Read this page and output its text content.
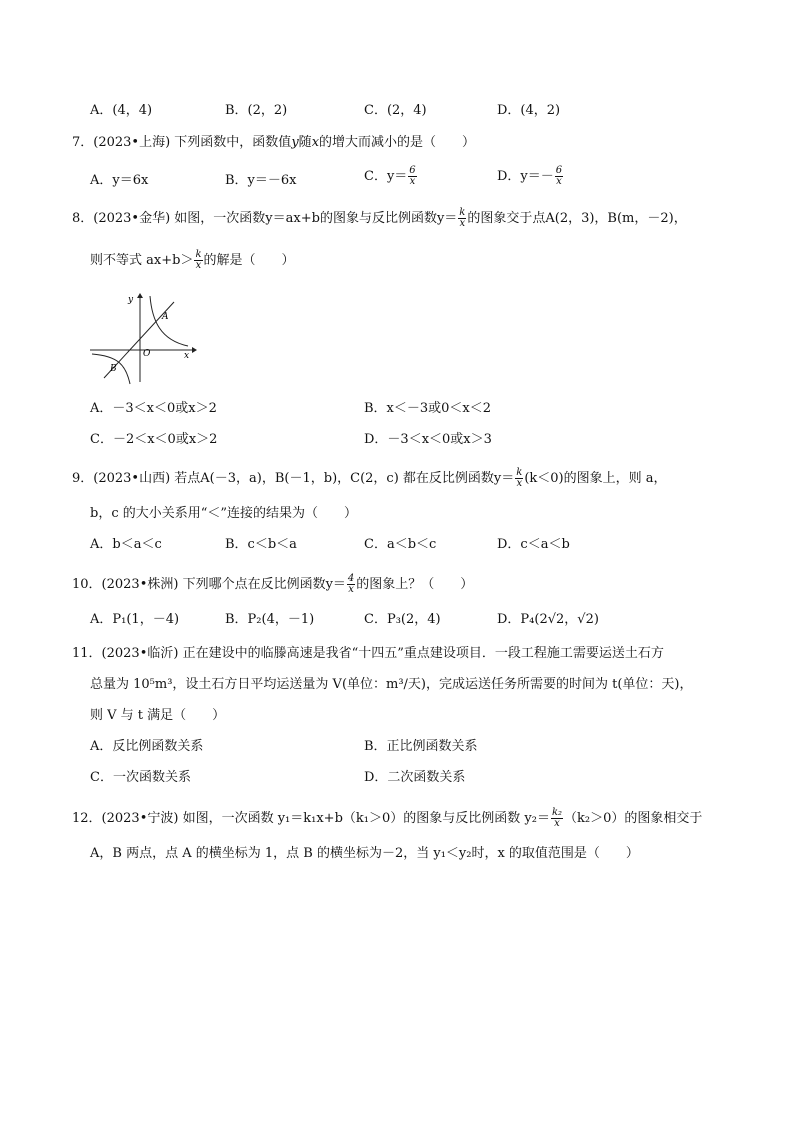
A．(4，4)	B．(2，2)	C．(2，4)	D．(4，2)
7．(2023•上海) 下列函数中，函数值y随x的增大而减小的是（　　）
A．y＝6x	B．y＝－6x	C．$y= \frac{6}{x}$	D．$y=- \frac{6}{x}$
8．(2023•金华) 如图，一次函数y＝ax+b的图象与反比例函数$y= \frac{k}{x}$ 的图象交于点A(2，3)，B(m，－2)，
则不等式 $ax+b> \frac{k}{x}$ 的解是（　　）
y
A
O
B
x
A．－3＜x＜0或x＞2	B．x＜－3或0＜x＜2
C．－2＜x＜0或x＞2	D．－3＜x＜0或x＞3
9．(2023•山西) 若点A(－3，a)，B(－1，b)，C(2，c) 都在反比例函数$y= \frac{k}{x} (k<0)$的图象上，则 a，
b，c 的大小关系用“＜”连接的结果为（　　）
A．b＜a＜c	B．c＜b＜a	C．a＜b＜c	D．c＜a＜b
10．(2023•株洲) 下列哪个点在反比例函数$y= \frac{4}{x}$ 的图象上？（　　）
A．P₁(1，－4)	B．P₂(4，－1)	C．P₃(2，4)	D．P₄(2√2，√2)
11．(2023•临沂) 正在建设中的临滕高速是我省“十四五”重点建设项目．一段工程施工需要运送土石方
总量为 10⁵m³，设土石方日平均运送量为 V(单位：m³/天)，完成运送任务所需要的时间为 t(单位：天)，
则 V 与 t 满足（　　）
A．反比例函数关系	B．正比例函数关系
C．一次函数关系	D．二次函数关系
12．(2023•宁波) 如图，一次函数 y₁＝k₁x+b（k₁＞0）的图象与反比例函数 $y_2= \frac{\text{k₂}}{x} (k_2>0)$的图象相交于
A，B 两点，点 A 的横坐标为 1，点 B 的横坐标为－2，当 y₁＜y₂时，x 的取值范围是（　　）
